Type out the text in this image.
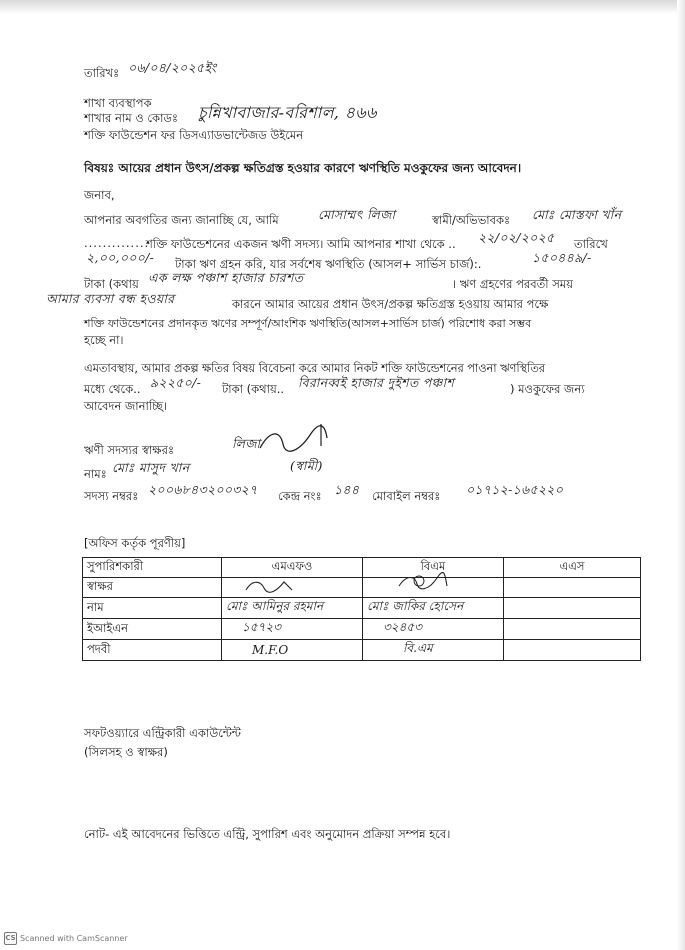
তারিখঃ ০৬/০৪/২০২৫ইং
শাখা ব্যবস্থাপক
শাখার নাম ও কোডঃ চুন্নিখাবাজার-বরিশাল, ৪৬৬
শক্তি ফাউন্ডেশন ফর ডিসএ্যাডভান্টেজড উইমেন
বিষয়ঃ আয়ের প্রধান উৎস/প্রকল্প ক্ষতিগ্রস্ত হওয়ার কারণে ঋণস্থিতি মওকুফের জন্য আবেদন।
জনাব,
আপনার অবগতির জন্য জানাচ্ছি যে, আমি	মোসাম্মৎ লিজা	স্বামী/অভিভাবকঃ মোঃ মোস্তফা খাঁন
..............
শক্তি ফাউন্ডেশনের একজন ঋণী সদস্য। আমি আপনার শাখা থেকে .. ২২/০২/২০২৫ তারিখে
২,০০,০০০/- টাকা ঋণ গ্রহন করি, যার সর্বশেষ ঋণস্থিতি (আসল+ সার্ভিস চার্জ):.	১৫০৪৪৯/-
টাকা (কথায় এক লক্ষ পঞ্চাশ হাজার চারশত	। ঋণ গ্রহণের পরবর্তী সময়
আমার ব্যবসা বন্ধ হওয়ার	কারনে আমার আয়ের প্রধান উৎস/প্রকল্প ক্ষতিগ্রস্ত হওয়ায় আমার পক্ষে
শক্তি ফাউন্ডেশনের প্রদানকৃত ঋণের সম্পূর্ণ/আংশিক ঋণস্থিতি(আসল+সার্ভিস চার্জ) পরিশোধ করা সম্ভব
হচ্ছে না।
এমতাবস্থায়, আমার প্রকল্প ক্ষতির বিষয় বিবেচনা করে আমার নিকট শক্তি ফাউন্ডেশনের পাওনা ঋণস্থিতির
মধ্যে থেকে.. ৯২২৫০/- টাকা (কথায়.. বিরানব্বই হাজার দুইশত পঞ্চাশ	) মওকুফের জন্য
আবেদন জানাচ্ছি।
ঋণী সদস্যর স্বাক্ষরঃ	লিজা
নামঃ মোঃ মাসুদ খান	(স্বামী)
সদস্য নম্বরঃ ২০০৬৮৪৩২০০৩২৭ কেন্দ্র নংঃ ১৪৪ মোবাইল নম্বরঃ ০১৭১২-১৬৫২২০
[অফিস কর্তৃক পূরণীয়]
সুপারিশকারী	এমএফও	বিএম	এএস
স্বাক্ষর	

নাম	মোঃ আমিনুর রহমান	মোঃ জাকির হোসেন	
ইআইএন	১৫৭২৩	৩২৪৫৩	
পদবী	M.F.O	বি.এম	
সফটওয়্যারে এন্ট্রিকারী একাউন্টেন্ট
(সিলসহ ও স্বাক্ষর)
নোট- এই আবেদনের ভিত্তিতে এন্ট্রি, সুপারিশ এবং অনুমোদন প্রক্রিয়া সম্পন্ন হবে।
CS Scanned with CamScanner
